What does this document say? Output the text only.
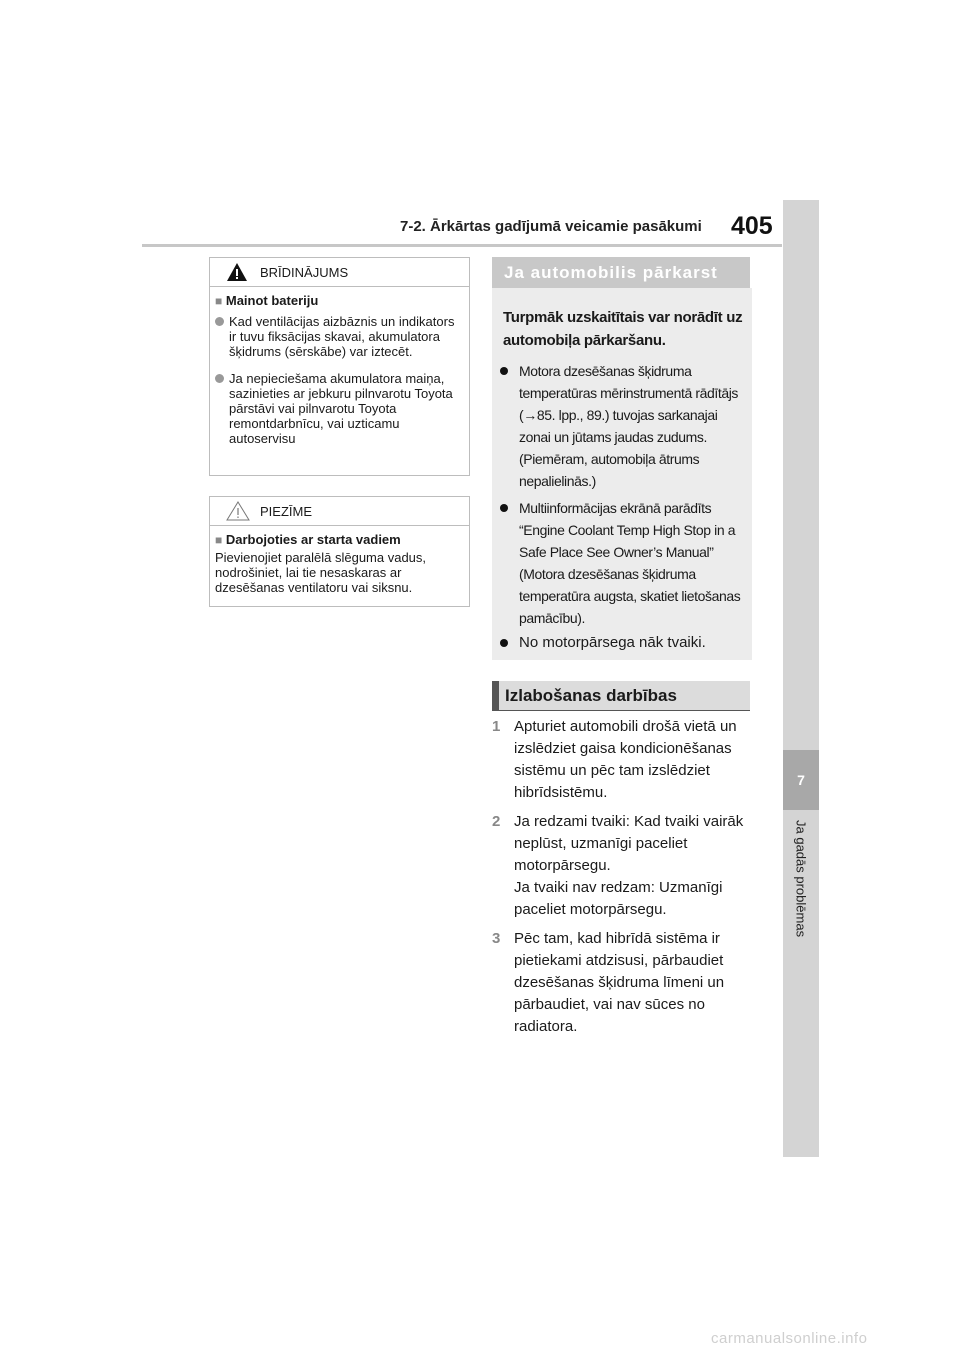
7-2. Ārkārtas gadījumā veicamie pasākumi 405
7
Ja gadās problēmas
BRĪDINĀJUMS
■ Mainot bateriju
Kad ventilācijas aizbāznis un indikators ir tuvu fiksācijas skavai, akumulatora šķidrums (sērskābe) var iztecēt.
Ja nepieciešama akumulatora maiņa, sazinieties ar jebkuru pilnvarotu Toyota pārstāvi vai pilnvarotu Toyota remontdarbnīcu, vai uzticamu autoservisu
PIEZĪME
■ Darbojoties ar starta vadiem
Pievienojiet paralēlā slēguma vadus, nodrošiniet, lai tie nesaskaras ar dzesēšanas ventilatoru vai siksnu.
Ja automobilis pārkarst
Turpmāk uzskaitītais var norādīt uz automobiļa pārkaršanu.
Motora dzesēšanas šķidruma temperatūras mērinstrumentā rādītājs (→85. lpp., 89.) tuvojas sarkanajai zonai un jūtams jaudas zudums. (Piemēram, automobiļa ātrums nepalielinās.)
Multiinformācijas ekrānā parādīts “Engine Coolant Temp High Stop in a Safe Place See Owner’s Manual” (Motora dzesēšanas šķidruma temperatūra augsta, skatiet lietošanas pamācību).
No motorpārsega nāk tvaiki.
Izlabošanas darbības
1 Apturiet automobili drošā vietā un izslēdziet gaisa kondicionēšanas sistēmu un pēc tam izslēdziet hibrīdsistēmu.
2 Ja redzami tvaiki: Kad tvaiki vairāk neplūst, uzmanīgi paceliet motorpārsegu.
Ja tvaiki nav redzam: Uzmanīgi paceliet motorpārsegu.
3 Pēc tam, kad hibrīdā sistēma ir pietiekami atdzisusi, pārbaudiet dzesēšanas šķidruma līmeni un pārbaudiet, vai nav sūces no radiatora.
carmanualsonline.info
